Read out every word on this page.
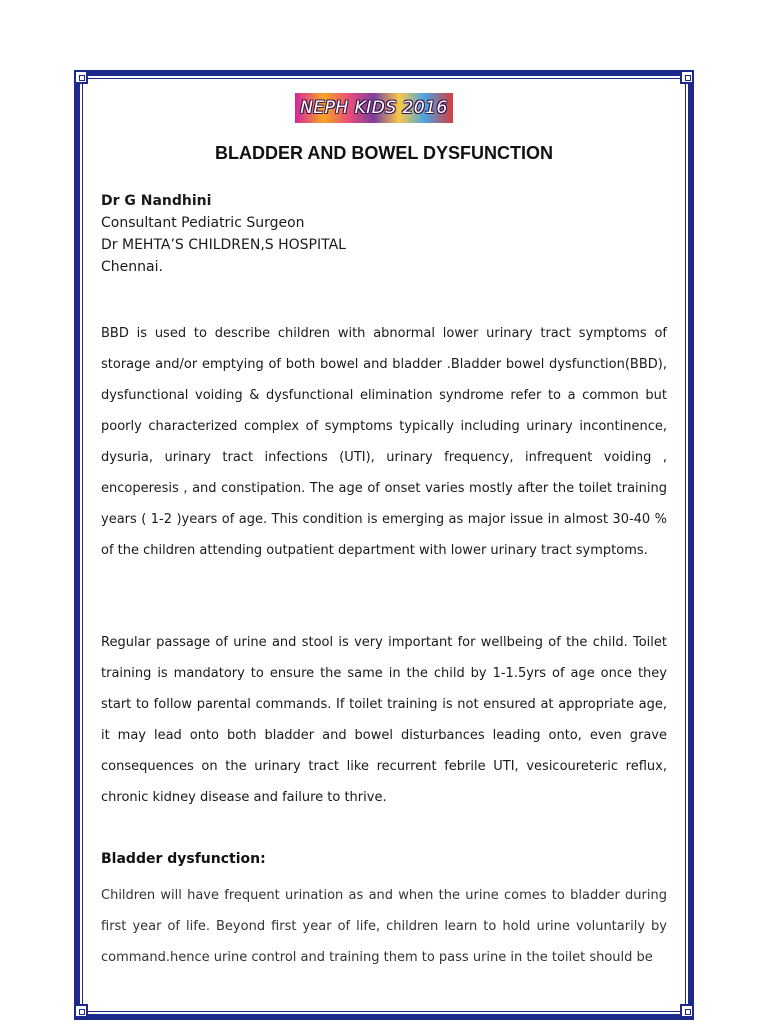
NEPH KIDS 2016
BLADDER AND BOWEL DYSFUNCTION
Dr G Nandhini
Consultant Pediatric Surgeon
Dr MEHTA’S CHILDREN,S HOSPITAL
Chennai.

BBD is used to describe children with abnormal lower urinary tract symptoms of storage and/or emptying of both bowel and bladder .Bladder bowel dysfunction(BBD), dysfunctional voiding & dysfunctional elimination syndrome refer to a common but poorly characterized complex of symptoms typically including urinary incontinence, dysuria, urinary tract infections (UTI), urinary frequency, infrequent voiding , encoperesis , and constipation. The age of onset varies mostly after the toilet training years ( 1-2 )years of age. This condition is emerging as major issue in almost 30-40 % of the children attending outpatient department with lower urinary tract symptoms.

Regular passage of urine and stool is very important for wellbeing of the child. Toilet training is mandatory to ensure the same in the child by 1-1.5yrs of age once they start to follow parental commands. If toilet training is not ensured at appropriate age, it may lead onto both bladder and bowel disturbances leading onto, even grave consequences on the urinary tract like recurrent febrile UTI, vesicoureteric reflux, chronic kidney disease and failure to thrive.

Bladder dysfunction:

Children will have frequent urination as and when the urine comes to bladder during first year of life. Beyond first year of life, children learn to hold urine voluntarily by command.hence urine control and training them to pass urine in the toilet should be
